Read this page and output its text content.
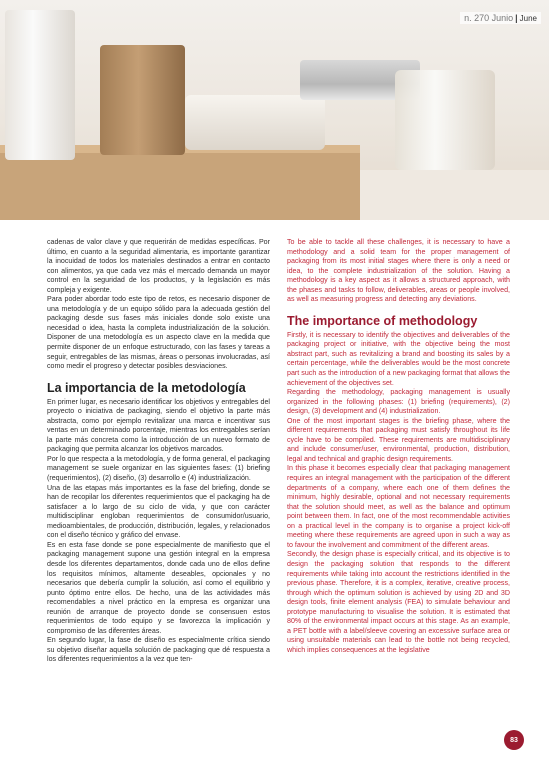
n. 270 Junio | June

cadenas de valor clave y que requerirán de medidas específicas. Por último, en cuanto a la seguridad alimentaria, es importante garantizar la inocuidad de todos los materiales destinados a entrar en contacto con alimentos, ya que cada vez más el mercado demanda un mayor control en la seguridad de los productos, y la legislación es más compleja y exigente.

Para poder abordar todo este tipo de retos, es necesario disponer de una metodología y de un equipo sólido para la adecuada gestión del packaging desde sus fases más iniciales donde solo existe una necesidad o idea, hasta la completa industrialización de la solución. Disponer de una metodología es un aspecto clave en la medida que permite disponer de un enfoque estructurado, con las fases y tareas a seguir, entregables de las mismas, áreas o personas involucradas, así como medir el progreso y detectar posibles desviaciones.

La importancia de la metodología

En primer lugar, es necesario identificar los objetivos y entregables del proyecto o iniciativa de packaging, siendo el objetivo la parte más abstracta, como por ejemplo revitalizar una marca e incentivar sus ventas en un determinado porcentaje, mientras los entregables serían la parte más concreta como la introducción de un nuevo formato de packaging que permita alcanzar los objetivos marcados.

Por lo que respecta a la metodología, y de forma general, el packaging management se suele organizar en las siguientes fases: (1) briefing (requerimientos), (2) diseño, (3) desarrollo e (4) industrialización.

Una de las etapas más importantes es la fase del briefing, donde se han de recopilar los diferentes requerimientos que el packaging ha de satisfacer a lo largo de su ciclo de vida, y que con carácter multidisciplinar engloban requerimientos de consumidor/usuario, medioambientales, de producción, distribución, legales, y relacionados con el diseño técnico y gráfico del envase.

Es en esta fase donde se pone especialmente de manifiesto que el packaging management supone una gestión integral en la empresa desde los diferentes departamentos, donde cada uno de ellos define los requisitos mínimos, altamente deseables, opcionales y no necesarios que debería cumplir la solución, así como el equilibrio y punto óptimo entre ellos. De hecho, una de las actividades más recomendables a nivel práctico en la empresa es organizar una reunión de arranque de proyecto donde se consensuen estos requerimientos de todo equipo y se favorezca la implicación y compromiso de las diferentes áreas.

En segundo lugar, la fase de diseño es especialmente crítica siendo su objetivo diseñar aquella solución de packaging que dé respuesta a los diferentes requerimientos a la vez que ten-

To be able to tackle all these challenges, it is necessary to have a methodology and a solid team for the proper management of packaging from its most initial stages where there is only a need or idea, to the complete industrialization of the solution. Having a methodology is a key aspect as it allows a structured approach, with the phases and tasks to follow, deliverables, areas or people involved, as well as measuring progress and detecting any deviations.

The importance of methodology

Firstly, it is necessary to identify the objectives and deliverables of the packaging project or initiative, with the objective being the most abstract part, such as revitalizing a brand and boosting its sales by a certain percentage, while the deliverables would be the most concrete part such as the introduction of a new packaging format that allows the achievement of the objectives set.

Regarding the methodology, packaging management is usually organized in the following phases: (1) briefing (requirements), (2) design, (3) development and (4) industrialization.

One of the most important stages is the briefing phase, where the different requirements that packaging must satisfy throughout its life cycle have to be compiled. These requirements are multidisciplinary and include consumer/user, environmental, production, distribution, legal and technical and graphic design requirements.

In this phase it becomes especially clear that packaging management requires an integral management with the participation of the different departments of a company, where each one of them defines the minimum, highly desirable, optional and not necessary requirements that the solution should meet, as well as the balance and optimum point between them. In fact, one of the most recommendable activities on a practical level in the company is to organise a project kick-off meeting where these requirements are agreed upon in such a way as to favour the involvement and commitment of the different areas.

Secondly, the design phase is especially critical, and its objective is to design the packaging solution that responds to the different requirements while taking into account the restrictions identified in the previous phase. Therefore, it is a complex, iterative, creative process, through which the optimum solution is achieved by using 2D and 3D design tools, finite element analysis (FEA) to simulate behaviour and prototype manufacturing to visualise the solution. It is estimated that 80% of the environmental impact occurs at this stage. As an example, a PET bottle with a label/sleeve covering an excessive surface area or using unsuitable materials can lead to the bottle not being recycled, which implies consequences at the legislative

83
